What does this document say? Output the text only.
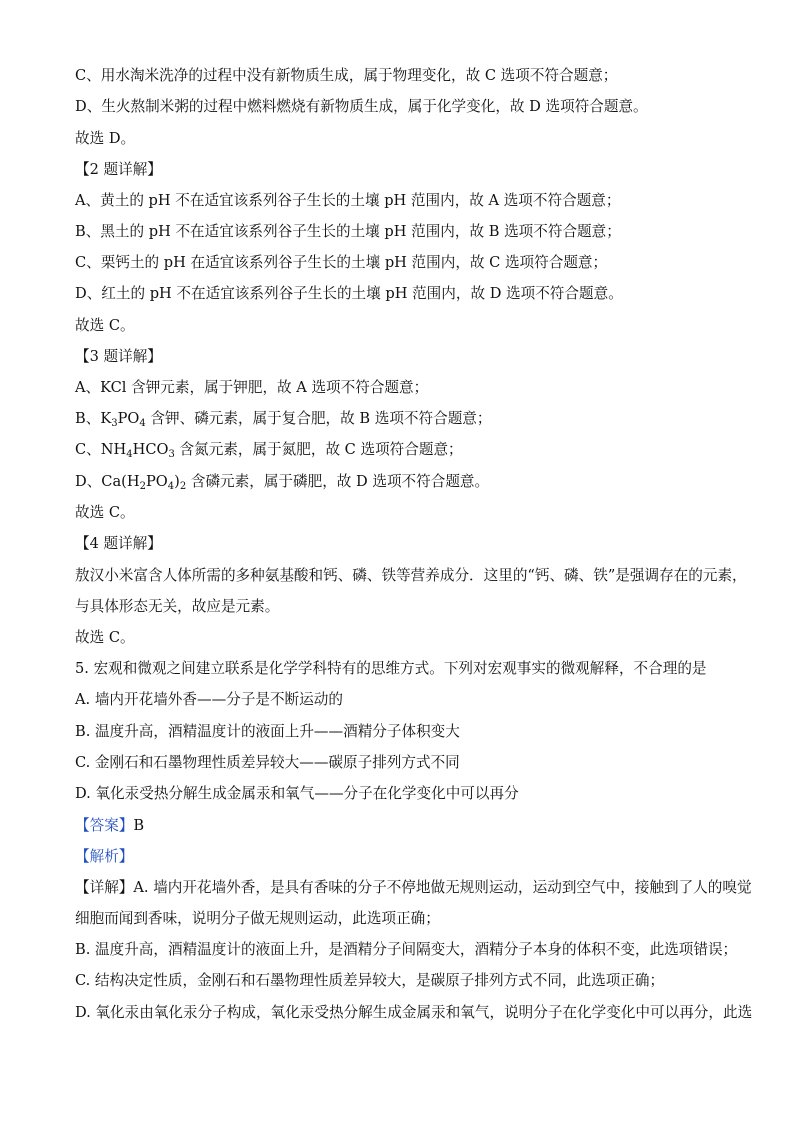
C、用水淘米洗净的过程中没有新物质生成，属于物理变化，故 C 选项不符合题意；
D、生火熬制米粥的过程中燃料燃烧有新物质生成，属于化学变化，故 D 选项符合题意。
故选 D。
【2 题详解】
A、黄土的 pH 不在适宜该系列谷子生长的土壤 pH 范围内，故 A 选项不符合题意；
B、黑土的 pH 不在适宜该系列谷子生长的土壤 pH 范围内，故 B 选项不符合题意；
C、栗钙土的 pH 在适宜该系列谷子生长的土壤 pH 范围内，故 C 选项符合题意；
D、红土的 pH 不在适宜该系列谷子生长的土壤 pH 范围内，故 D 选项不符合题意。
故选 C。
【3 题详解】
A、KCl 含钾元素，属于钾肥，故 A 选项不符合题意；
B、$K_3PO_4$ 含钾、磷元素，属于复合肥，故 B 选项不符合题意；
C、$NH_4HCO_3$ 含氮元素，属于氮肥，故 C 选项符合题意；
D、$Ca(H_2PO_4)_2$ 含磷元素，属于磷肥，故 D 选项不符合题意。
故选 C。
【4 题详解】
敖汉小米富含人体所需的多种氨基酸和钙、磷、铁等营养成分．这里的“钙、磷、铁”是强调存在的元素，
与具体形态无关，故应是元素。
故选 C。
5. 宏观和微观之间建立联系是化学学科特有的思维方式。下列对宏观事实的微观解释，不合理的是
A. 墙内开花墙外香——分子是不断运动的
B. 温度升高，酒精温度计的液面上升——酒精分子体积变大
C. 金刚石和石墨物理性质差异较大——碳原子排列方式不同
D. 氧化汞受热分解生成金属汞和氧气——分子在化学变化中可以再分
【答案】B
【解析】
【详解】A. 墙内开花墙外香，是具有香味的分子不停地做无规则运动，运动到空气中，接触到了人的嗅觉
细胞而闻到香味，说明分子做无规则运动，此选项正确；
B. 温度升高，酒精温度计的液面上升，是酒精分子间隔变大，酒精分子本身的体积不变，此选项错误；
C. 结构决定性质，金刚石和石墨物理性质差异较大，是碳原子排列方式不同，此选项正确；
D. 氧化汞由氧化汞分子构成，氧化汞受热分解生成金属汞和氧气，说明分子在化学变化中可以再分，此选
